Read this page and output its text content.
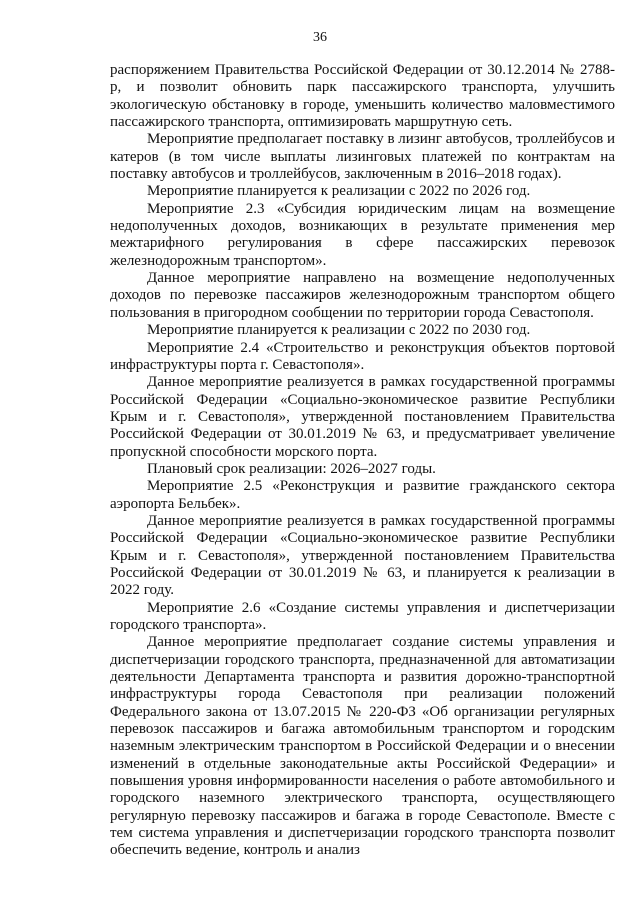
36

распоряжением Правительства Российской Федерации от 30.12.2014 № 2788-р, и позволит обновить парк пассажирского транспорта, улучшить экологическую обстановку в городе, уменьшить количество маловместимого пассажирского транспорта, оптимизировать маршрутную сеть.

Мероприятие предполагает поставку в лизинг автобусов, троллейбусов и катеров (в том числе выплаты лизинговых платежей по контрактам на поставку автобусов и троллейбусов, заключенным в 2016–2018 годах).

Мероприятие планируется к реализации с 2022 по 2026 год.

Мероприятие 2.3 «Субсидия юридическим лицам на возмещение недополученных доходов, возникающих в результате применения мер межтарифного регулирования в сфере пассажирских перевозок железнодорожным транспортом».

Данное мероприятие направлено на возмещение недополученных доходов по перевозке пассажиров железнодорожным транспортом общего пользования в пригородном сообщении по территории города Севастополя.

Мероприятие планируется к реализации с 2022 по 2030 год.

Мероприятие 2.4 «Строительство и реконструкция объектов портовой инфраструктуры порта г. Севастополя».

Данное мероприятие реализуется в рамках государственной программы Российской Федерации «Социально-экономическое развитие Республики Крым и г. Севастополя», утвержденной постановлением Правительства Российской Федерации от 30.01.2019 № 63, и предусматривает увеличение пропускной способности морского порта.

Плановый срок реализации: 2026–2027 годы.

Мероприятие 2.5 «Реконструкция и развитие гражданского сектора аэропорта Бельбек».

Данное мероприятие реализуется в рамках государственной программы Российской Федерации «Социально-экономическое развитие Республики Крым и г. Севастополя», утвержденной постановлением Правительства Российской Федерации от 30.01.2019 № 63, и планируется к реализации в 2022 году.

Мероприятие 2.6 «Создание системы управления и диспетчеризации городского транспорта».

Данное мероприятие предполагает создание системы управления и диспетчеризации городского транспорта, предназначенной для автоматизации деятельности Департамента транспорта и развития дорожно-транспортной инфраструктуры города Севастополя при реализации положений Федерального закона от 13.07.2015 № 220-ФЗ «Об организации регулярных перевозок пассажиров и багажа автомобильным транспортом и городским наземным электрическим транспортом в Российской Федерации и о внесении изменений в отдельные законодательные акты Российской Федерации» и повышения уровня информированности населения о работе автомобильного и городского наземного электрического транспорта, осуществляющего регулярную перевозку пассажиров и багажа в городе Севастополе. Вместе с тем система управления и диспетчеризации городского транспорта позволит обеспечить ведение, контроль и анализ
